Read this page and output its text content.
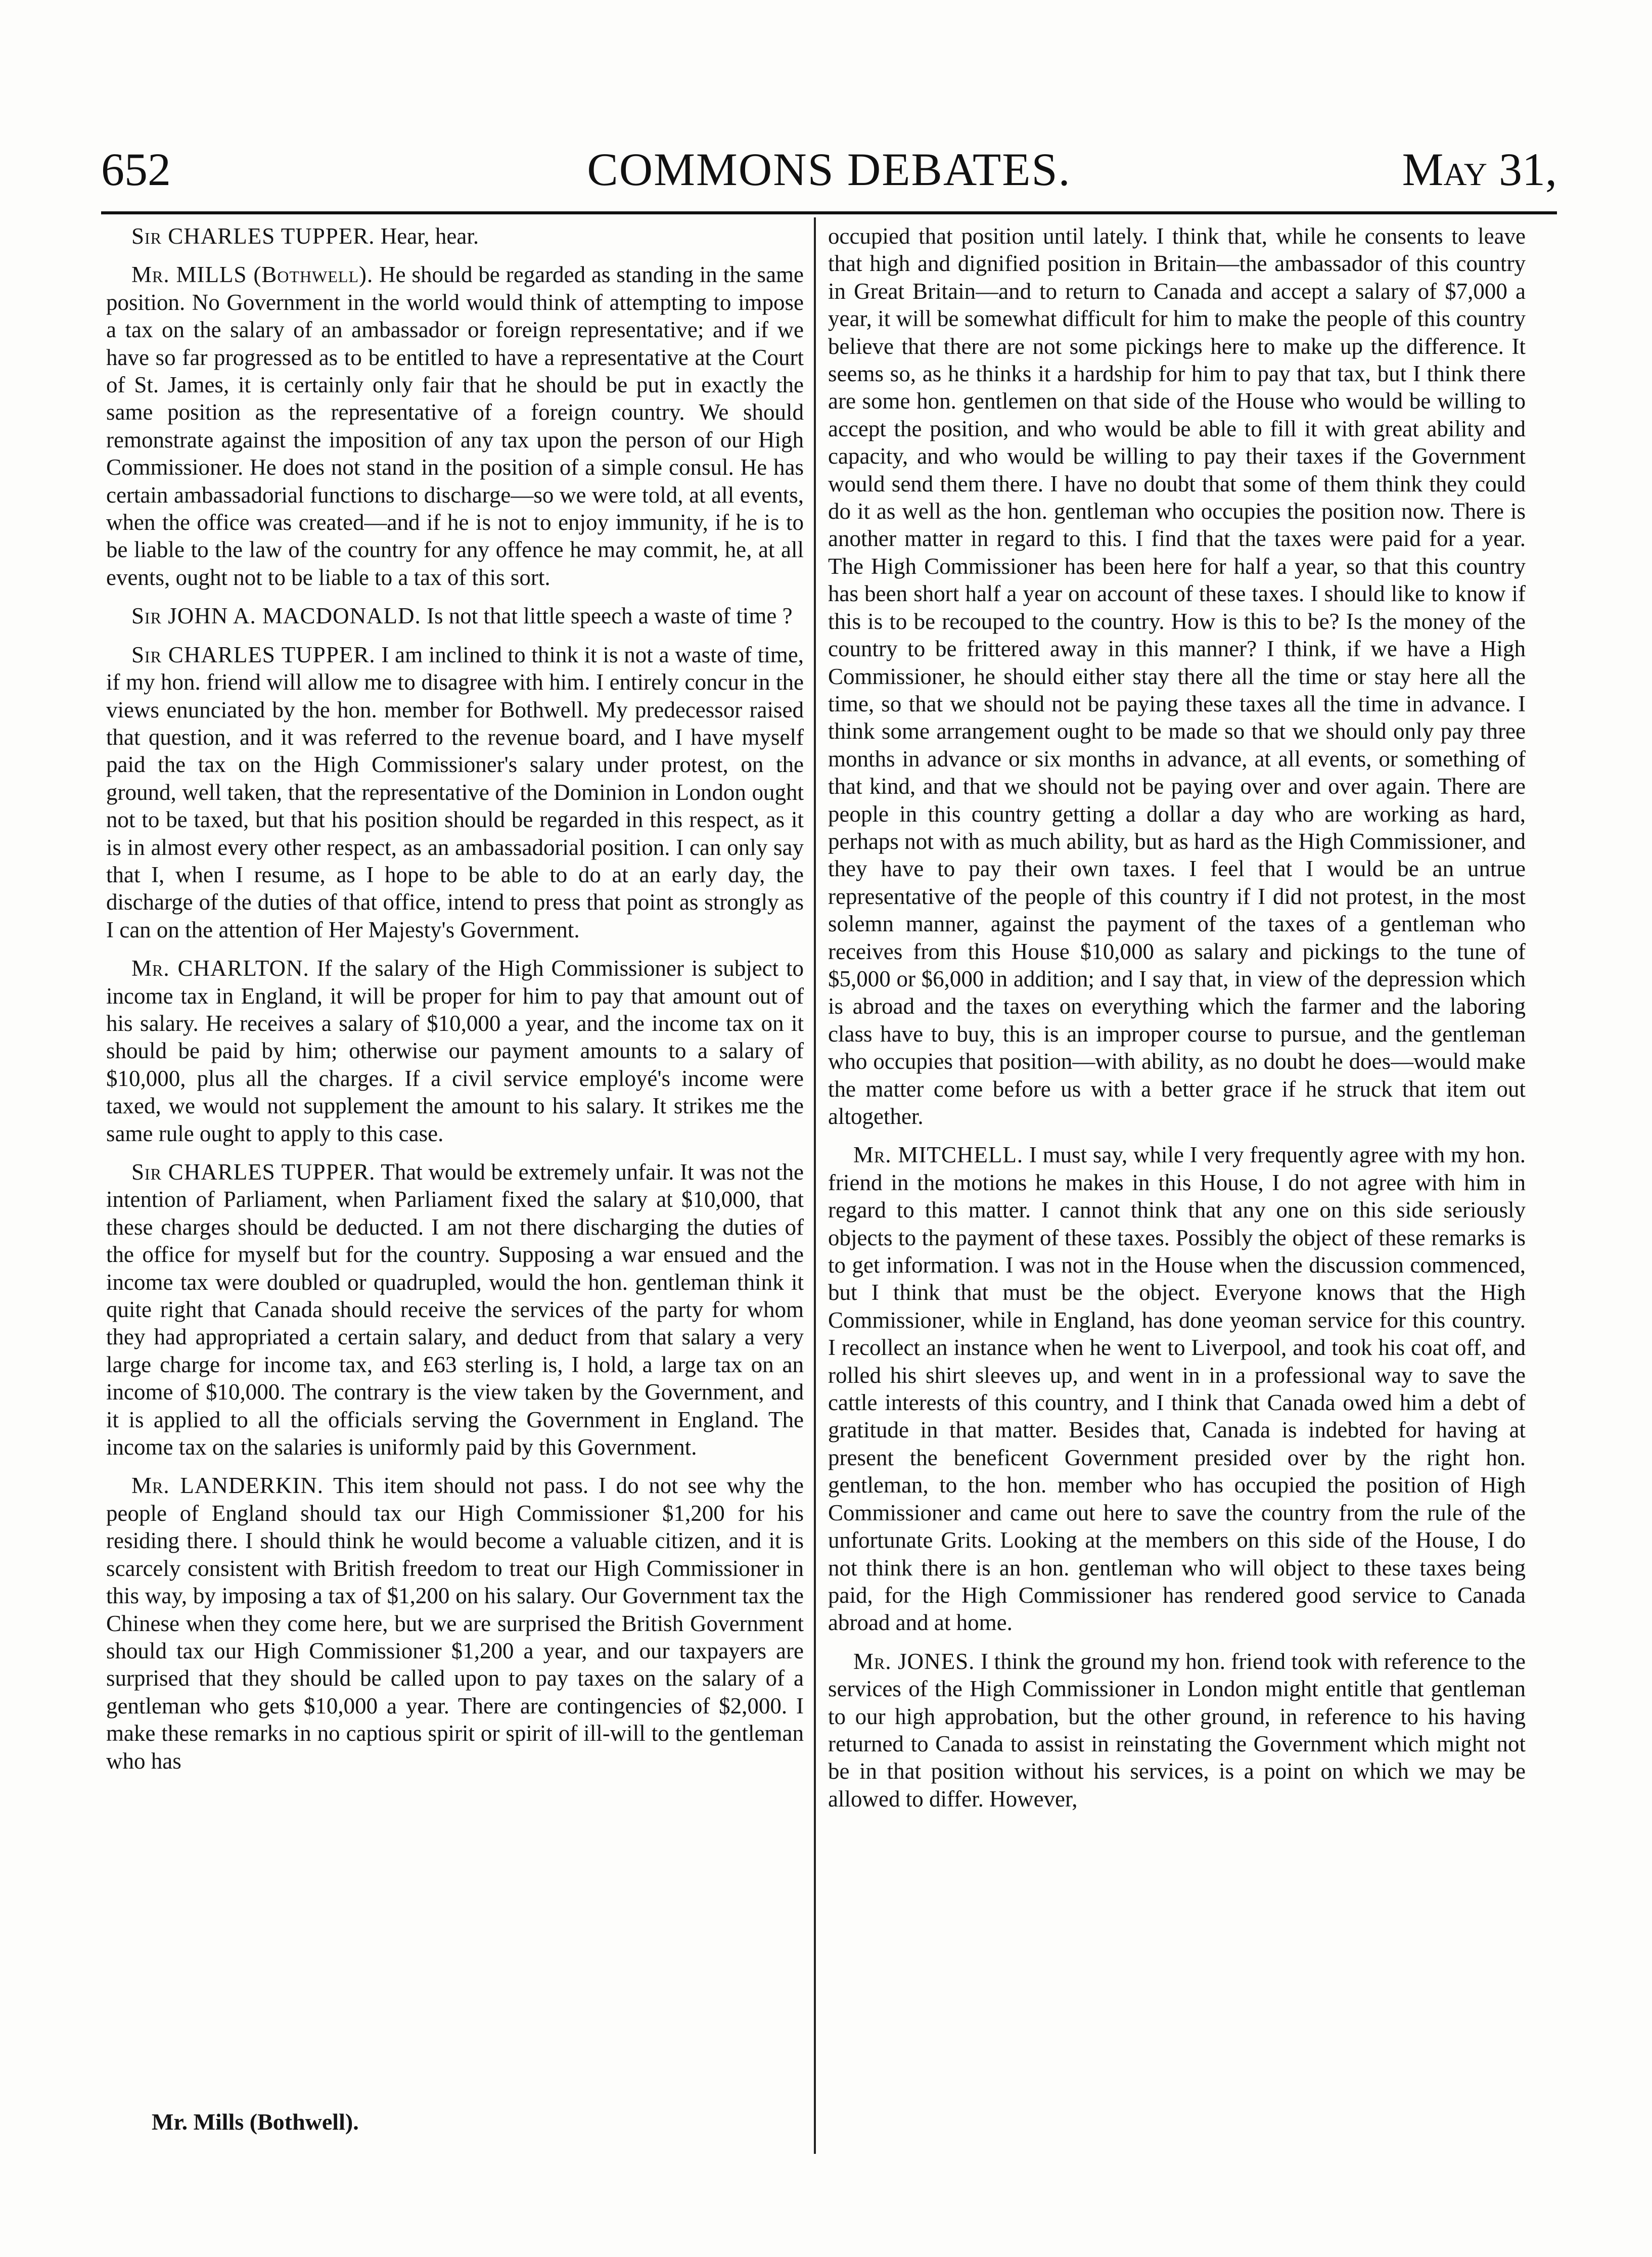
652	COMMONS DEBATES.	May 31,

Sir CHARLES TUPPER. Hear, hear.

Mr. MILLS (Bothwell). He should be regarded as standing in the same position. No Government in the world would think of attempting to impose a tax on the salary of an ambassador or foreign representative; and if we have so far progressed as to be entitled to have a representative at the Court of St. James, it is certainly only fair that he should be put in exactly the same position as the representative of a foreign country. We should remonstrate against the imposition of any tax upon the person of our High Commissioner. He does not stand in the position of a simple consul. He has certain ambassadorial functions to discharge—so we were told, at all events, when the office was created—and if he is not to enjoy immunity, if he is to be liable to the law of the country for any offence he may commit, he, at all events, ought not to be liable to a tax of this sort.

Sir JOHN A. MACDONALD. Is not that little speech a waste of time ?

Sir CHARLES TUPPER. I am inclined to think it is not a waste of time, if my hon. friend will allow me to disagree with him. I entirely concur in the views enunciated by the hon. member for Bothwell. My predecessor raised that question, and it was referred to the revenue board, and I have myself paid the tax on the High Commissioner's salary under protest, on the ground, well taken, that the representative of the Dominion in London ought not to be taxed, but that his position should be regarded in this respect, as it is in almost every other respect, as an ambassadorial position. I can only say that I, when I resume, as I hope to be able to do at an early day, the discharge of the duties of that office, intend to press that point as strongly as I can on the attention of Her Majesty's Government.

Mr. CHARLTON. If the salary of the High Commissioner is subject to income tax in England, it will be proper for him to pay that amount out of his salary. He receives a salary of $10,000 a year, and the income tax on it should be paid by him; otherwise our payment amounts to a salary of $10,000, plus all the charges. If a civil service employé's income were taxed, we would not supplement the amount to his salary. It strikes me the same rule ought to apply to this case.

Sir CHARLES TUPPER. That would be extremely unfair. It was not the intention of Parliament, when Parliament fixed the salary at $10,000, that these charges should be deducted. I am not there discharging the duties of the office for myself but for the country. Supposing a war ensued and the income tax were doubled or quadrupled, would the hon. gentleman think it quite right that Canada should receive the services of the party for whom they had appropriated a certain salary, and deduct from that salary a very large charge for income tax, and £63 sterling is, I hold, a large tax on an income of $10,000. The contrary is the view taken by the Government, and it is applied to all the officials serving the Government in England. The income tax on the salaries is uniformly paid by this Government.

Mr. LANDERKIN. This item should not pass. I do not see why the people of England should tax our High Commissioner $1,200 for his residing there. I should think he would become a valuable citizen, and it is scarcely consistent with British freedom to treat our High Commissioner in this way, by imposing a tax of $1,200 on his salary. Our Government tax the Chinese when they come here, but we are surprised the British Government should tax our High Commissioner $1,200 a year, and our taxpayers are surprised that they should be called upon to pay taxes on the salary of a gentleman who gets $10,000 a year. There are contingencies of $2,000. I make these remarks in no captious spirit or spirit of ill-will to the gentleman who has

occupied that position until lately. I think that, while he consents to leave that high and dignified position in Britain—the ambassador of this country in Great Britain—and to return to Canada and accept a salary of $7,000 a year, it will be somewhat difficult for him to make the people of this country believe that there are not some pickings here to make up the difference. It seems so, as he thinks it a hardship for him to pay that tax, but I think there are some hon. gentlemen on that side of the House who would be willing to accept the position, and who would be able to fill it with great ability and capacity, and who would be willing to pay their taxes if the Government would send them there. I have no doubt that some of them think they could do it as well as the hon. gentleman who occupies the position now. There is another matter in regard to this. I find that the taxes were paid for a year. The High Commissioner has been here for half a year, so that this country has been short half a year on account of these taxes. I should like to know if this is to be recouped to the country. How is this to be? Is the money of the country to be frittered away in this manner? I think, if we have a High Commissioner, he should either stay there all the time or stay here all the time, so that we should not be paying these taxes all the time in advance. I think some arrangement ought to be made so that we should only pay three months in advance or six months in advance, at all events, or something of that kind, and that we should not be paying over and over again. There are people in this country getting a dollar a day who are working as hard, perhaps not with as much ability, but as hard as the High Commissioner, and they have to pay their own taxes. I feel that I would be an untrue representative of the people of this country if I did not protest, in the most solemn manner, against the payment of the taxes of a gentleman who receives from this House $10,000 as salary and pickings to the tune of $5,000 or $6,000 in addition; and I say that, in view of the depression which is abroad and the taxes on everything which the farmer and the laboring class have to buy, this is an improper course to pursue, and the gentleman who occupies that position—with ability, as no doubt he does—would make the matter come before us with a better grace if he struck that item out altogether.

Mr. MITCHELL. I must say, while I very frequently agree with my hon. friend in the motions he makes in this House, I do not agree with him in regard to this matter. I cannot think that any one on this side seriously objects to the payment of these taxes. Possibly the object of these remarks is to get information. I was not in the House when the discussion commenced, but I think that must be the object. Everyone knows that the High Commissioner, while in England, has done yeoman service for this country. I recollect an instance when he went to Liverpool, and took his coat off, and rolled his shirt sleeves up, and went in in a professional way to save the cattle interests of this country, and I think that Canada owed him a debt of gratitude in that matter. Besides that, Canada is indebted for having at present the beneficent Government presided over by the right hon. gentleman, to the hon. member who has occupied the position of High Commissioner and came out here to save the country from the rule of the unfortunate Grits. Looking at the members on this side of the House, I do not think there is an hon. gentleman who will object to these taxes being paid, for the High Commissioner has rendered good service to Canada abroad and at home.

Mr. JONES. I think the ground my hon. friend took with reference to the services of the High Commissioner in London might entitle that gentleman to our high approbation, but the other ground, in reference to his having returned to Canada to assist in reinstating the Government which might not be in that position without his services, is a point on which we may be allowed to differ. However,

Mr. Mills (Bothwell).
